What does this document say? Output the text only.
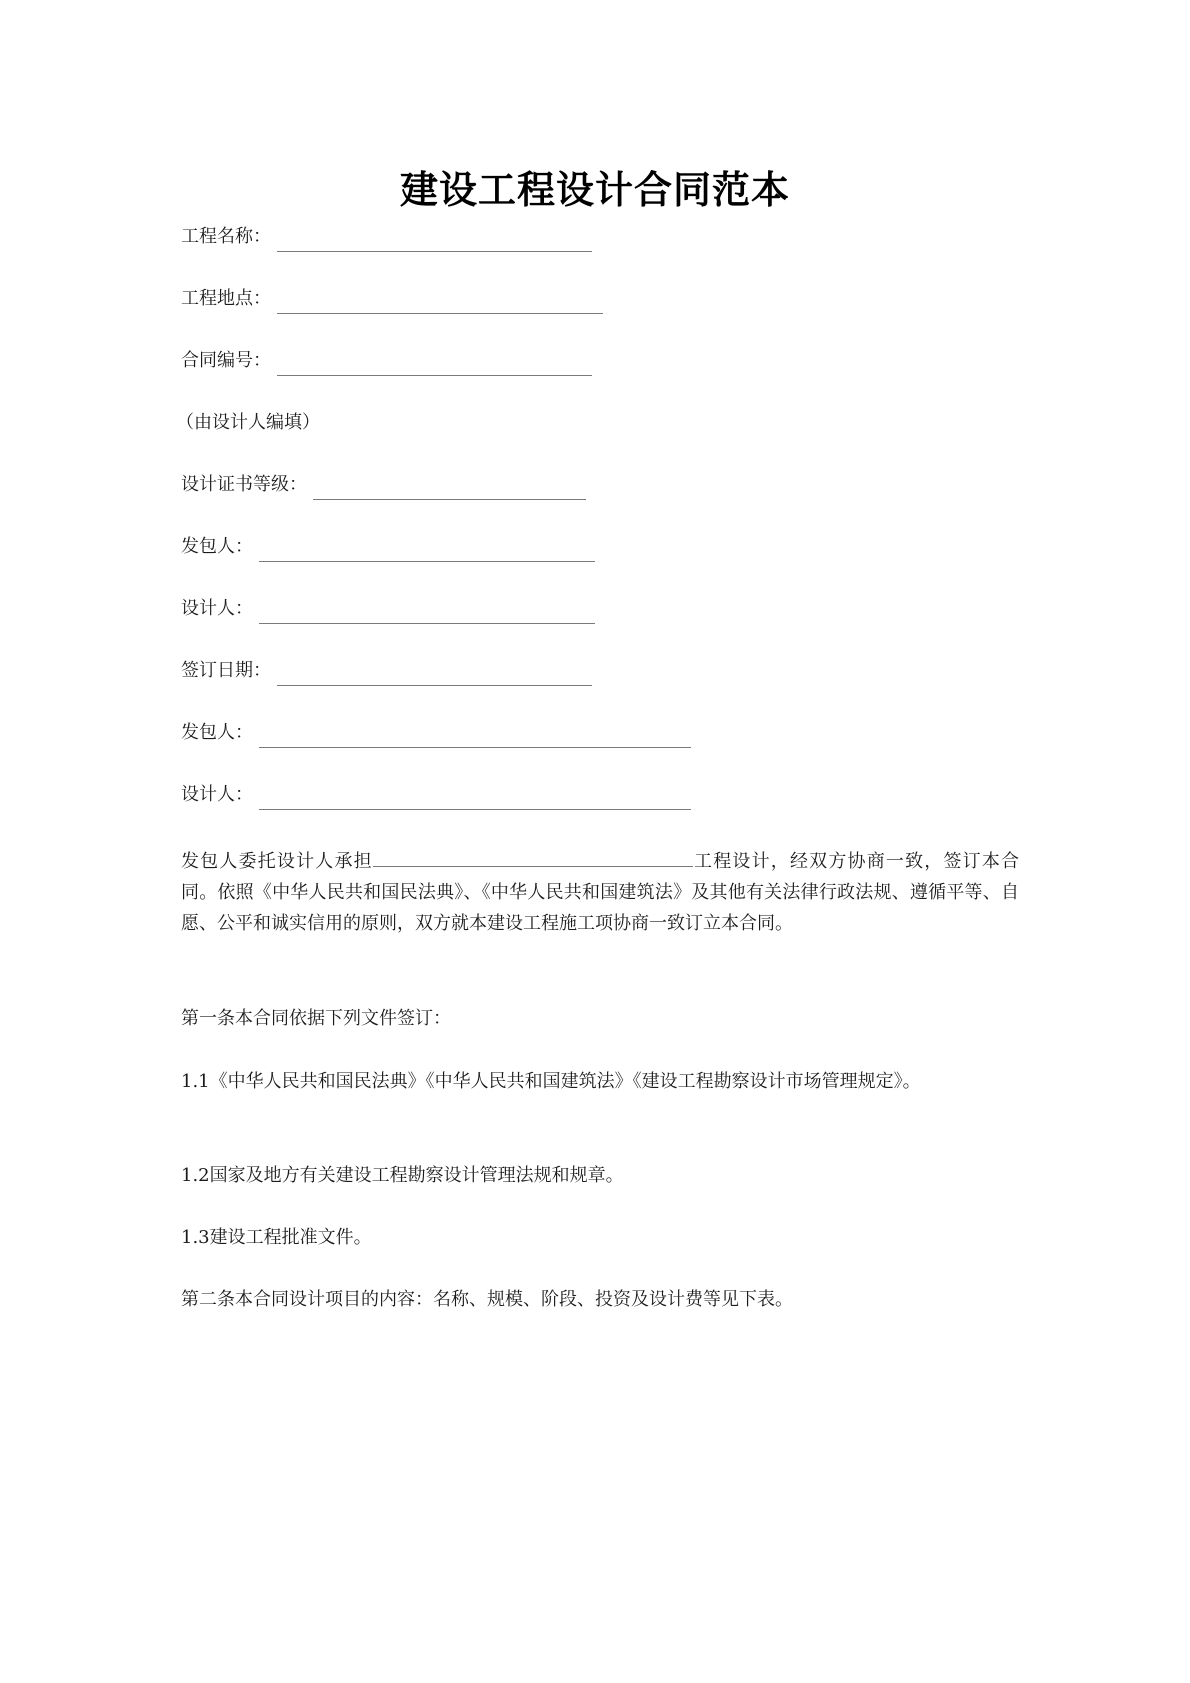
建设工程设计合同范本
工程名称：
工程地点：
合同编号：
（由设计人编填）
设计证书等级：
发包人：
设计人：
签订日期：
发包人：
设计人：
发包人委托设计人承担	工程设计，经双方协商一致，签订本合同。依照《中华人民共和国民法典》、《中华人民共和国建筑法》及其他有关法律行政法规、遵循平等、自愿、公平和诚实信用的原则，双方就本建设工程施工项协商一致订立本合同。
第一条本合同依据下列文件签订：
1.1《中华人民共和国民法典》《中华人民共和国建筑法》《建设工程勘察设计市场管理规定》。
1.2国家及地方有关建设工程勘察设计管理法规和规章。
1.3建设工程批准文件。
第二条本合同设计项目的内容：名称、规模、阶段、投资及设计费等见下表。
